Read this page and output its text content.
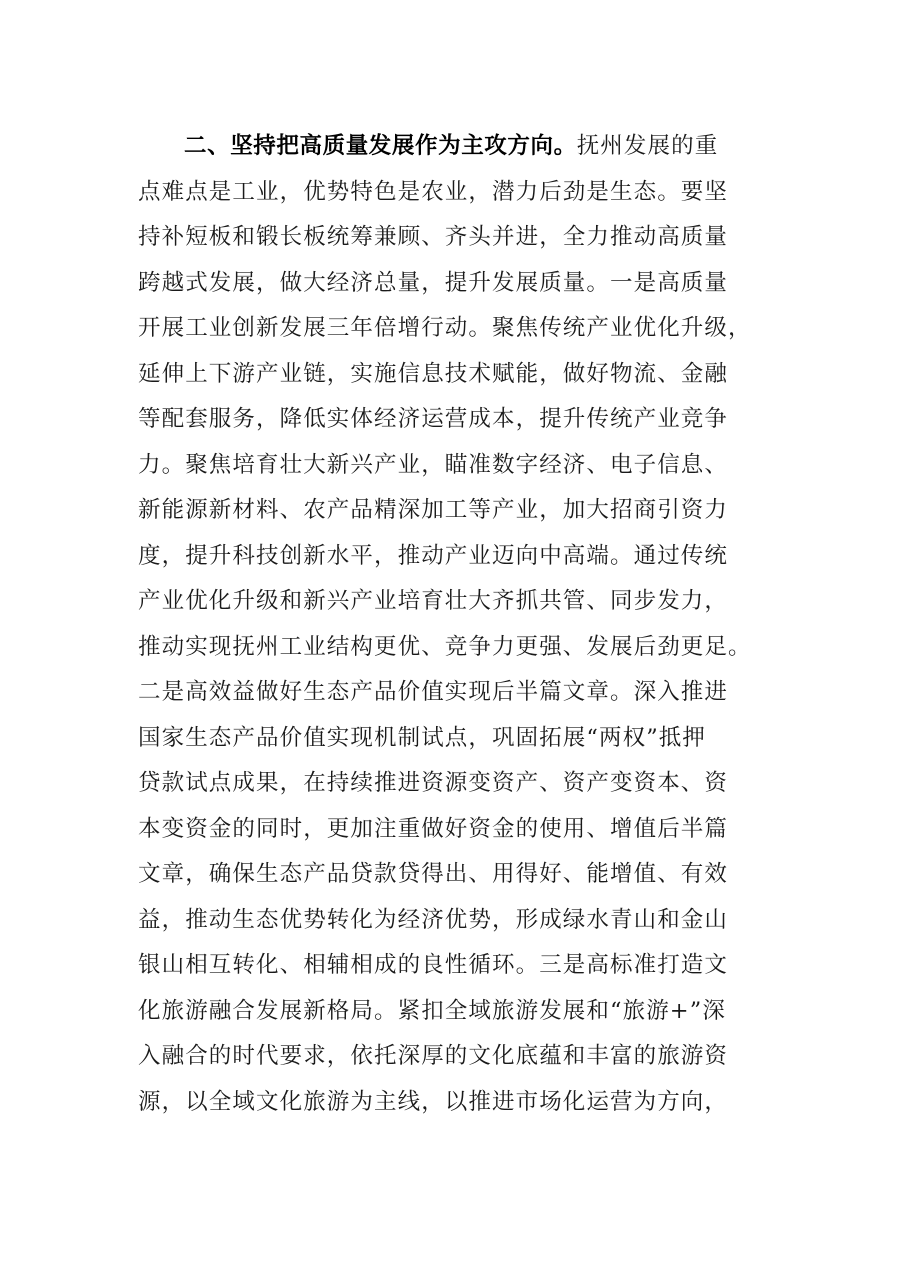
二、坚持把高质量发展作为主攻方向。抚州发展的重
点难点是工业，优势特色是农业，潜力后劲是生态。要坚
持补短板和锻长板统筹兼顾、齐头并进，全力推动高质量
跨越式发展，做大经济总量，提升发展质量。一是高质量
开展工业创新发展三年倍增行动。聚焦传统产业优化升级，
延伸上下游产业链，实施信息技术赋能，做好物流、金融
等配套服务，降低实体经济运营成本，提升传统产业竞争
力。聚焦培育壮大新兴产业，瞄准数字经济、电子信息、
新能源新材料、农产品精深加工等产业，加大招商引资力
度，提升科技创新水平，推动产业迈向中高端。通过传统
产业优化升级和新兴产业培育壮大齐抓共管、同步发力，
推动实现抚州工业结构更优、竞争力更强、发展后劲更足。
二是高效益做好生态产品价值实现后半篇文章。深入推进
国家生态产品价值实现机制试点，巩固拓展“两权”抵押
贷款试点成果，在持续推进资源变资产、资产变资本、资
本变资金的同时，更加注重做好资金的使用、增值后半篇
文章，确保生态产品贷款贷得出、用得好、能增值、有效
益，推动生态优势转化为经济优势，形成绿水青山和金山
银山相互转化、相辅相成的良性循环。三是高标准打造文
化旅游融合发展新格局。紧扣全域旅游发展和“旅游+”深
入融合的时代要求，依托深厚的文化底蕴和丰富的旅游资
源，以全域文化旅游为主线，以推进市场化运营为方向，
